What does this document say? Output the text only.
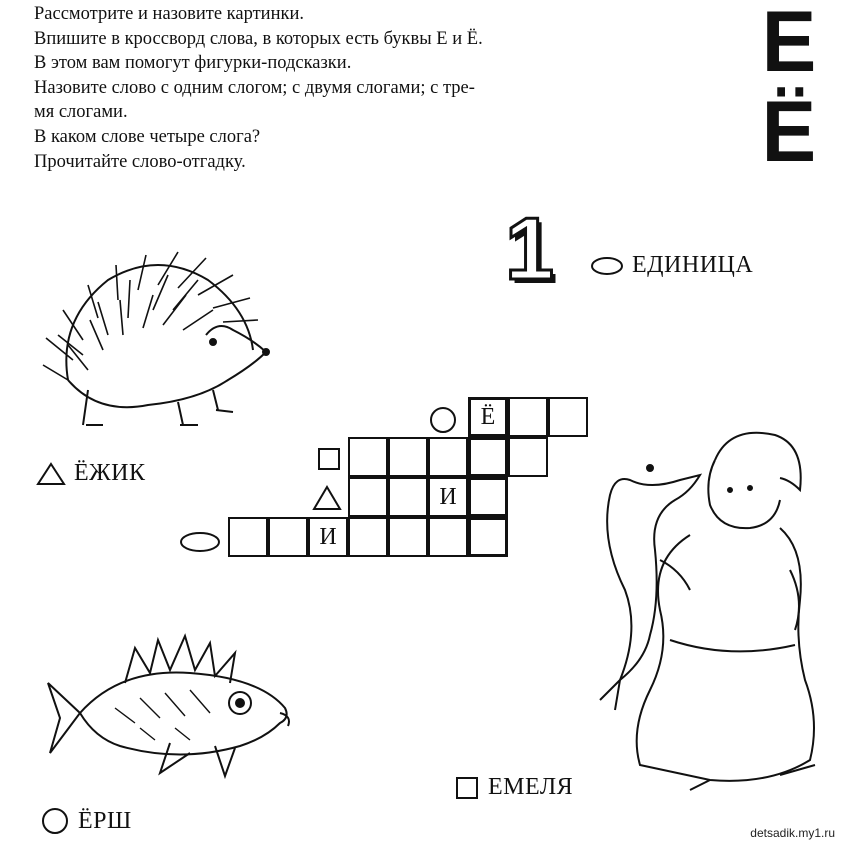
Рассмотрите и назовите картинки.
Впишите в кроссворд слова, в которых есть буквы Е и Ё.
В этом вам помогут фигурки-подсказки.
Назовите слово с одним слогом; с двумя слогами; с тре-
мя слогами.
В каком слове четыре слога?
Прочитайте слово-отгадку.
Е
Ё
1	ЕДИНИЦА
ЁЖИК
Ё
И
И
ЕМЕЛЯ
ЁРШ	detsadik.my1.ru
